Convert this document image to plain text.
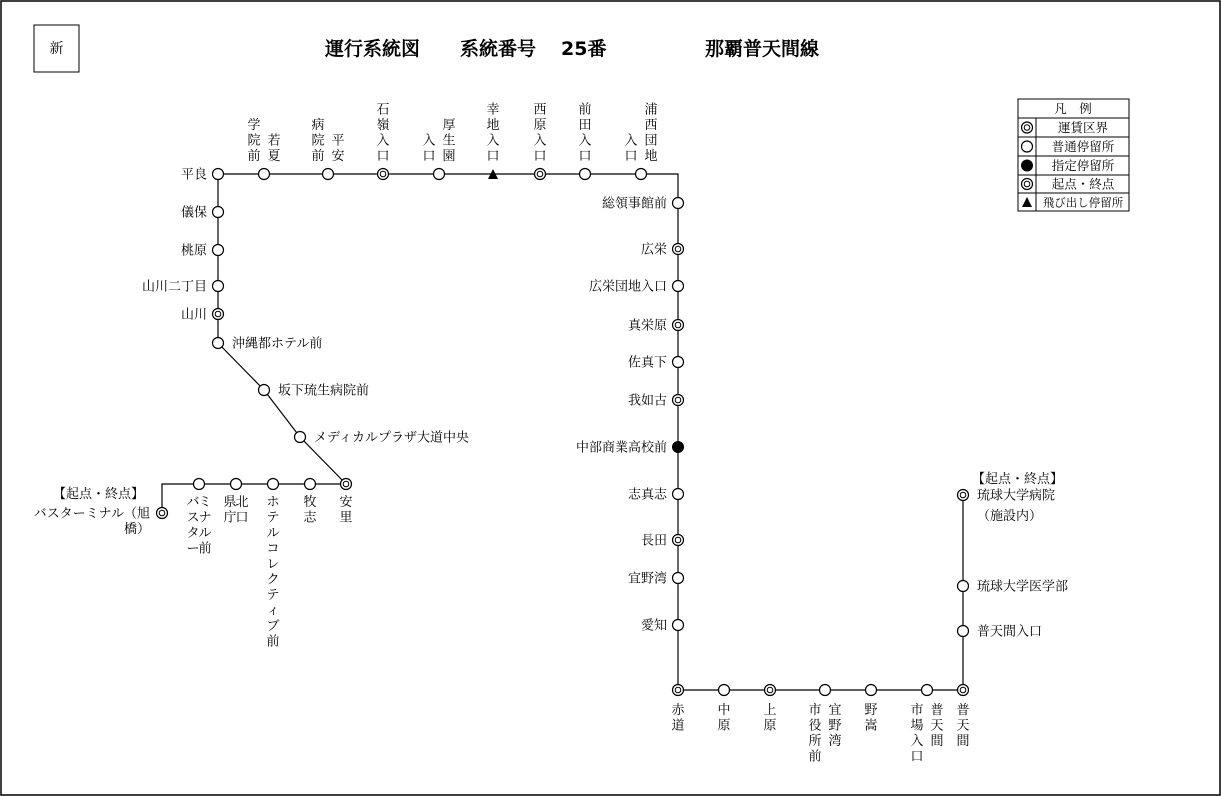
新	運行系統図 系統番号 25番	那覇普天間線
凡　例
運賃区界
普通停留所
指定停留所
起点・終点
飛び出し停留所
バスターミナル（旭
橋）
バ
ス
タ
ー
ミ
ナ
ル
前
県
庁
北
口
ホ
テ
ル
コ
レ
ク
テ
ィ
ブ
前
牧
志
安
里
メディカルプラザ大道中央
坂下琉生病院前
沖縄都ホテル前
山川
山川二丁目
桃原
儀保
平良
学
院
前
若
夏
病
院
前
平
安
石
嶺
入
口
入
口
厚
生
園
幸
地
入
口
西
原
入
口
前
田
入
口
入
口
浦
西
団
地
総領事館前
広栄
広栄団地入口
真栄原
佐真下
我如古
中部商業高校前
志真志
長田
宜野湾
愛知
赤
道
中
原
上
原
市
役
所
前
宜
野
湾
野
嵩
市
場
入
口
普
天
間
普
天
間
普天間入口
琉球大学医学部
琉球大学病院
（施設内）
【起点・終点】
【起点・終点】
